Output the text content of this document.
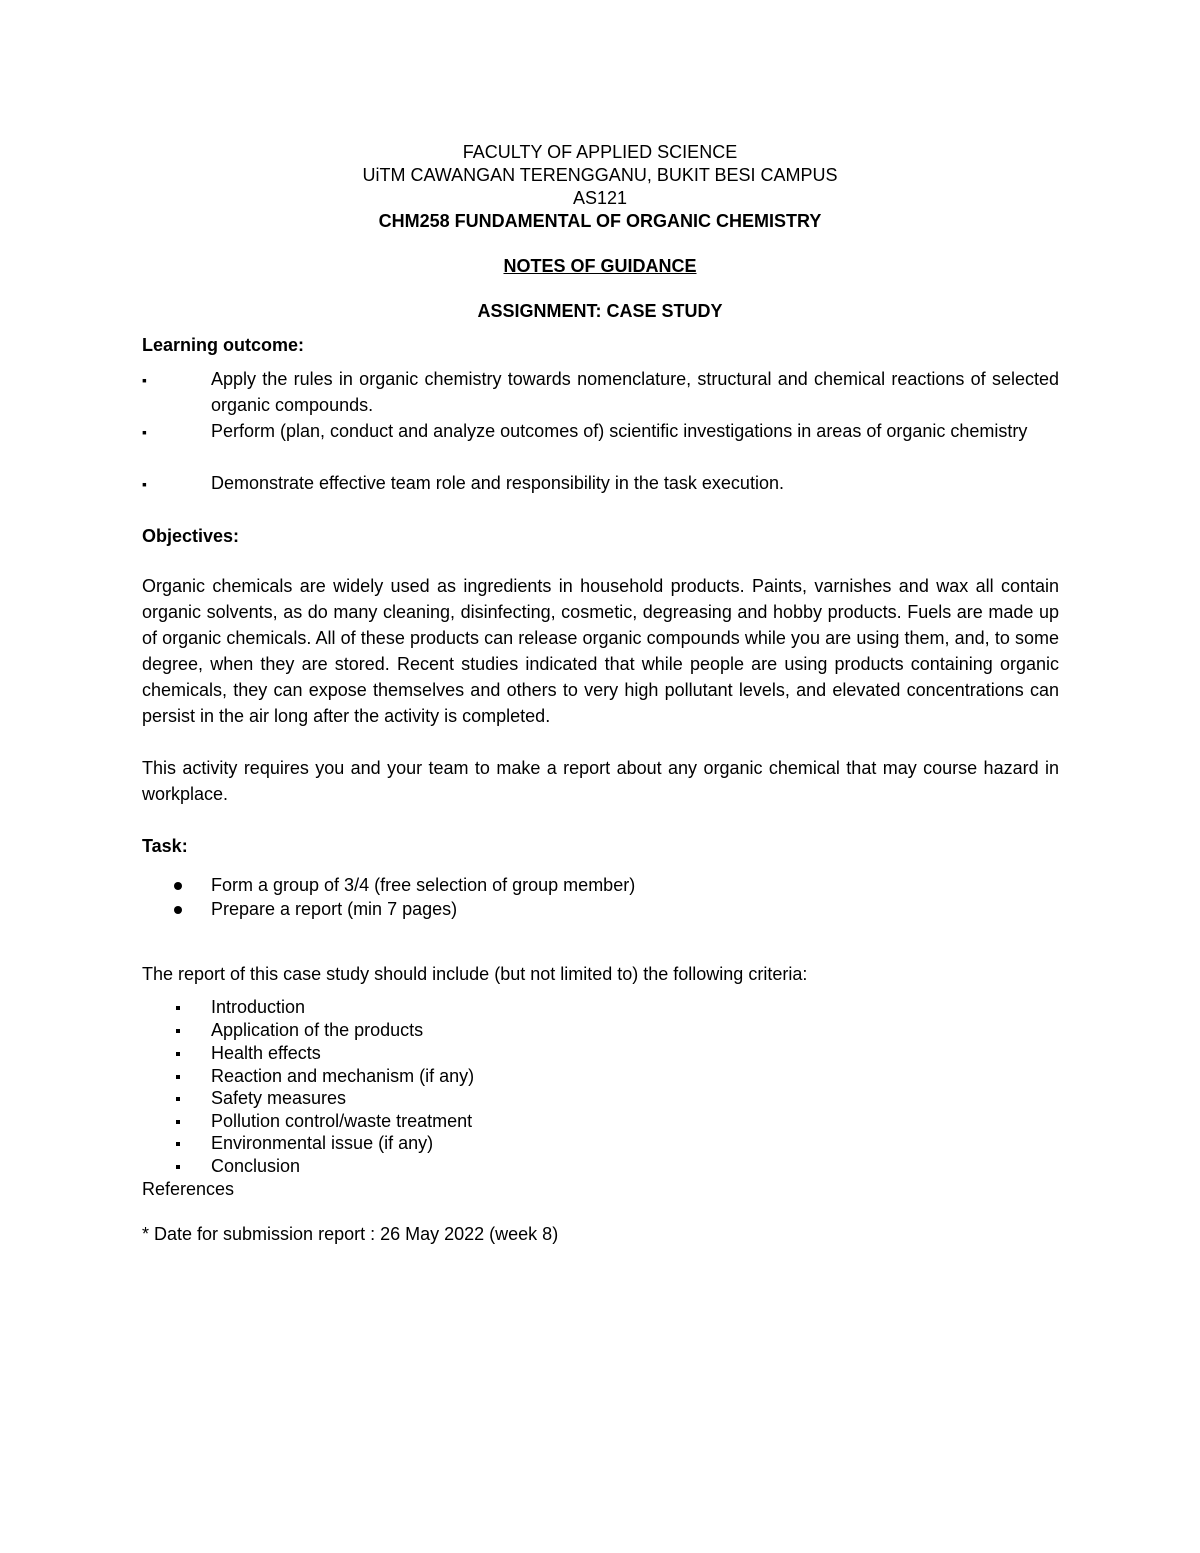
FACULTY OF APPLIED SCIENCE
UiTM CAWANGAN TERENGGANU, BUKIT BESI CAMPUS
AS121
CHM258 FUNDAMENTAL OF ORGANIC CHEMISTRY
NOTES OF GUIDANCE
ASSIGNMENT: CASE STUDY
Learning outcome:
▪	Apply the rules in organic chemistry towards nomenclature, structural and chemical reactions of selected organic compounds.
▪	Perform (plan, conduct and analyze outcomes of) scientific investigations in areas of organic chemistry
▪	Demonstrate effective team role and responsibility in the task execution.
Objectives:
Organic chemicals are widely used as ingredients in household products. Paints, varnishes and wax all contain organic solvents, as do many cleaning, disinfecting, cosmetic, degreasing and hobby products. Fuels are made up of organic chemicals. All of these products can release organic compounds while you are using them, and, to some degree, when they are stored. Recent studies indicated that while people are using products containing organic chemicals, they can expose themselves and others to very high pollutant levels, and elevated concentrations can persist in the air long after the activity is completed.
This activity requires you and your team to make a report about any organic chemical that may course hazard in workplace.
Task:
Form a group of 3/4 (free selection of group member)
Prepare a report (min 7 pages)
The report of this case study should include (but not limited to) the following criteria:
Introduction
Application of the products
Health effects
Reaction and mechanism (if any)
Safety measures
Pollution control/waste treatment
Environmental issue (if any)
Conclusion
References
* Date for submission report : 26 May 2022 (week 8)
